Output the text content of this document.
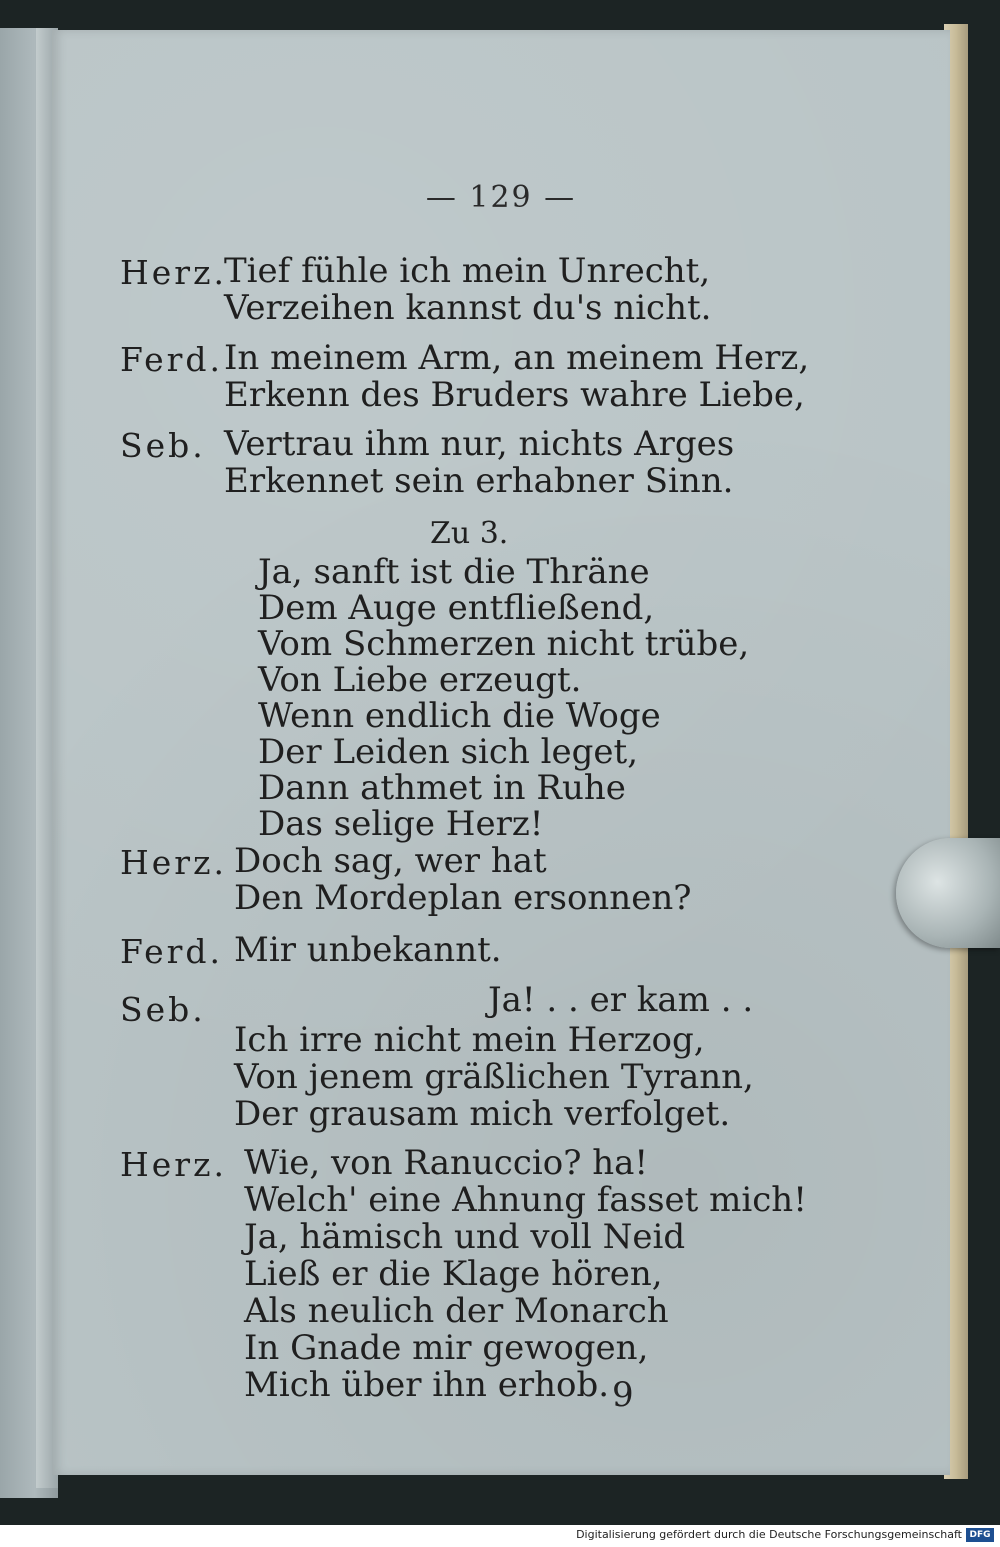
— 129 —
Herz.
Tief fühle ich mein Unrecht,
Verzeihen kannst du's nicht.
Ferd. In meinem Arm, an meinem Herz,
Erkenn des Bruders wahre Liebe,
Seb. Vertrau ihm nur, nichts Arges
Erkennet sein erhabner Sinn.
Zu 3.
Ja, sanft ist die Thräne
Dem Auge entfließend,
Vom Schmerzen nicht trübe,
Von Liebe erzeugt.
Wenn endlich die Woge
Der Leiden sich leget,
Dann athmet in Ruhe
Das selige Herz!
Herz. Doch sag, wer hat
Den Mordeplan ersonnen?
Ferd. Mir unbekannt.
Seb.	Ja! . . er kam . .
Ich irre nicht mein Herzog,
Von jenem gräßlichen Tyrann,
Der grausam mich verfolget.
Herz. Wie, von Ranuccio? ha!
Welch' eine Ahnung fasset mich!
Ja, hämisch und voll Neid
Ließ er die Klage hören,
Als neulich der Monarch
In Gnade mir gewogen,
Mich über ihn erhob. 9
Digitalisierung gefördert durch die Deutsche Forschungsgemeinschaft DFG
